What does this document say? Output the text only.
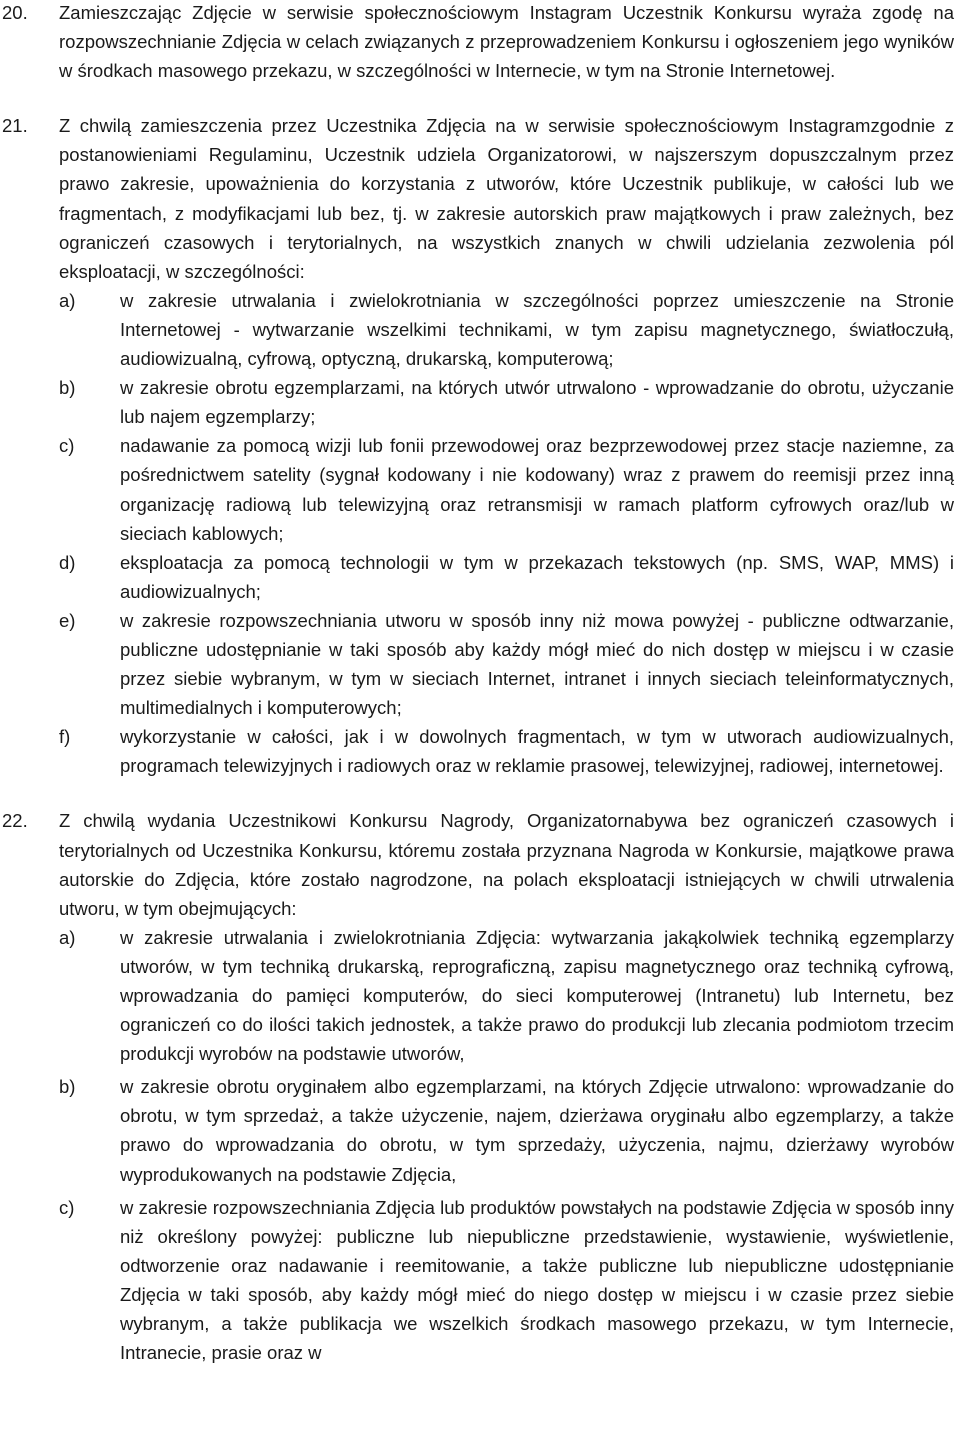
20.	Zamieszczając Zdjęcie w serwisie społecznościowym Instagram Uczestnik Konkursu wyraża zgodę na rozpowszechnianie Zdjęcia w celach związanych z przeprowadzeniem Konkursu i ogłoszeniem jego wyników w środkach masowego przekazu, w szczególności w Internecie, w tym na Stronie Internetowej.
21.	Z chwilą zamieszczenia przez Uczestnika Zdjęcia na w serwisie społecznościowym Instagramzgodnie z postanowieniami Regulaminu, Uczestnik udziela Organizatorowi, w najszerszym dopuszczalnym przez prawo zakresie, upoważnienia do korzystania z utworów, które Uczestnik publikuje, w całości lub we fragmentach, z modyfikacjami lub bez, tj. w zakresie autorskich praw majątkowych i praw zależnych, bez ograniczeń czasowych i terytorialnych, na wszystkich znanych w chwili udzielania zezwolenia pól eksploatacji, w szczególności:
a)	w zakresie utrwalania i zwielokrotniania w szczególności poprzez umieszczenie na Stronie Internetowej - wytwarzanie wszelkimi technikami, w tym zapisu magnetycznego, światłoczułą, audiowizualną, cyfrową, optyczną, drukarską, komputerową;
b)	w zakresie obrotu egzemplarzami, na których utwór utrwalono - wprowadzanie do obrotu, użyczanie lub najem egzemplarzy;
c)	nadawanie za pomocą wizji lub fonii przewodowej oraz bezprzewodowej przez stacje naziemne, za pośrednictwem satelity (sygnał kodowany i nie kodowany) wraz z prawem do reemisji przez inną organizację radiową lub telewizyjną oraz retransmisji w ramach platform cyfrowych oraz/lub w sieciach kablowych;
d)	eksploatacja za pomocą technologii w tym w przekazach tekstowych (np. SMS, WAP, MMS) i audiowizualnych;
e)	w zakresie rozpowszechniania utworu w sposób inny niż mowa powyżej - publiczne odtwarzanie, publiczne udostępnianie w taki sposób aby każdy mógł mieć do nich dostęp w miejscu i w czasie przez siebie wybranym, w tym w sieciach Internet, intranet i innych sieciach teleinformatycznych, multimedialnych i komputerowych;
f)	wykorzystanie w całości, jak i w dowolnych fragmentach, w tym w utworach audiowizualnych, programach telewizyjnych i radiowych oraz w reklamie prasowej, telewizyjnej, radiowej, internetowej.
22.	Z chwilą wydania Uczestnikowi Konkursu Nagrody, Organizatornabywa bez ograniczeń czasowych i terytorialnych od Uczestnika Konkursu, któremu została przyznana Nagroda w Konkursie, majątkowe prawa autorskie do Zdjęcia, które zostało nagrodzone, na polach eksploatacji istniejących w chwili utrwalenia utworu, w tym obejmujących:
a)	w zakresie utrwalania i zwielokrotniania Zdjęcia: wytwarzania jakąkolwiek techniką egzemplarzy utworów, w tym techniką drukarską, reprograficzną, zapisu magnetycznego oraz techniką cyfrową, wprowadzania do pamięci komputerów, do sieci komputerowej (Intranetu) lub Internetu, bez ograniczeń co do ilości takich jednostek, a także prawo do produkcji lub zlecania podmiotom trzecim produkcji wyrobów na podstawie utworów,
b)	w zakresie obrotu oryginałem albo egzemplarzami, na których Zdjęcie utrwalono: wprowadzanie do obrotu, w tym sprzedaż, a także użyczenie, najem, dzierżawa oryginału albo egzemplarzy, a także prawo do wprowadzania do obrotu, w tym sprzedaży, użyczenia, najmu, dzierżawy wyrobów wyprodukowanych na podstawie Zdjęcia,
c)	w zakresie rozpowszechniania Zdjęcia lub produktów powstałych na podstawie Zdjęcia w sposób inny niż określony powyżej: publiczne lub niepubliczne przedstawienie, wystawienie, wyświetlenie, odtworzenie oraz nadawanie i reemitowanie, a także publiczne lub niepubliczne udostępnianie Zdjęcia w taki sposób, aby każdy mógł mieć do niego dostęp w miejscu i w czasie przez siebie wybranym, a także publikacja we wszelkich środkach masowego przekazu, w tym Internecie, Intranecie, prasie oraz w
